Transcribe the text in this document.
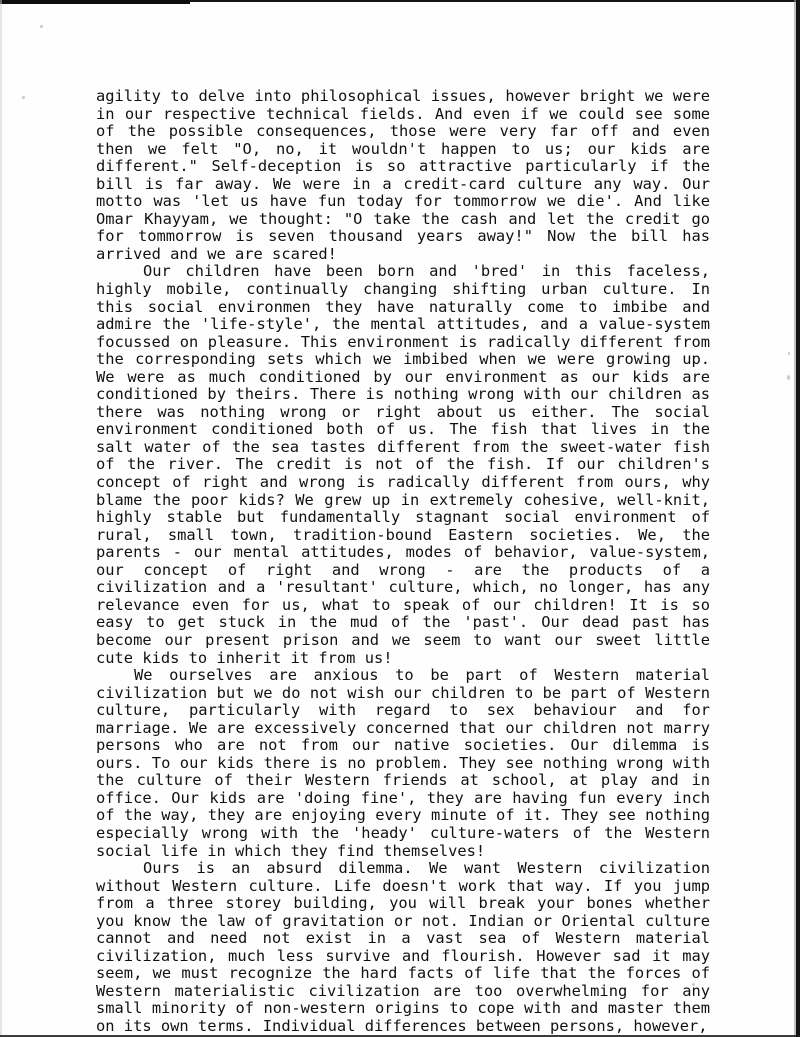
agility to delve into philosophical issues, however bright we were in our respective technical fields. And even if we could see some of the possible consequences, those were very far off and even then we felt "O, no, it wouldn't happen to us; our kids are different." Self-deception is so attractive particularly if the bill is far away. We were in a credit-card culture any way. Our motto was 'let us have fun today for tommorrow we die'. And like Omar Khayyam, we thought: "O take the cash and let the credit go for tommorrow is seven thousand years away!" Now the bill has arrived and we are scared!

Our children have been born and 'bred' in this faceless, highly mobile, continually changing shifting urban culture. In this social environmen they have naturally come to imbibe and admire the 'life-style', the mental attitudes, and a value-system focussed on pleasure. This environment is radically different from the corresponding sets which we imbibed when we were growing up. We were as much conditioned by our environment as our kids are conditioned by theirs. There is nothing wrong with our children as there was nothing wrong or right about us either. The social environment conditioned both of us. The fish that lives in the salt water of the sea tastes different from the sweet-water fish of the river. The credit is not of the fish. If our children's concept of right and wrong is radically different from ours, why blame the poor kids? We grew up in extremely cohesive, well-knit, highly stable but fundamentally stagnant social environment of rural, small town, tradition-bound Eastern societies. We, the parents - our mental attitudes, modes of behavior, value-system, our concept of right and wrong - are the products of a civilization and a 'resultant' culture, which, no longer, has any relevance even for us, what to speak of our children! It is so easy to get stuck in the mud of the 'past'. Our dead past has become our present prison and we seem to want our sweet little cute kids to inherit it from us!

We ourselves are anxious to be part of Western material civilization but we do not wish our children to be part of Western culture, particularly with regard to sex behaviour and for marriage. We are excessively concerned that our children not marry persons who are not from our native societies. Our dilemma is ours. To our kids there is no problem. They see nothing wrong with the culture of their Western friends at school, at play and in office. Our kids are 'doing fine', they are having fun every inch of the way, they are enjoying every minute of it. They see nothing especially wrong with the 'heady' culture-waters of the Western social life in which they find themselves!

Ours is an absurd dilemma. We want Western civilization without Western culture. Life doesn't work that way. If you jump from a three storey building, you will break your bones whether you know the law of gravitation or not. Indian or Oriental culture cannot and need not exist in a vast sea of Western material civilization, much less survive and flourish. However sad it may seem, we must recognize the hard facts of life that the forces of Western materialistic civilization are too overwhelming for any small minority of non-western origins to cope with and master them on its own terms. Individual differences between persons, however,
